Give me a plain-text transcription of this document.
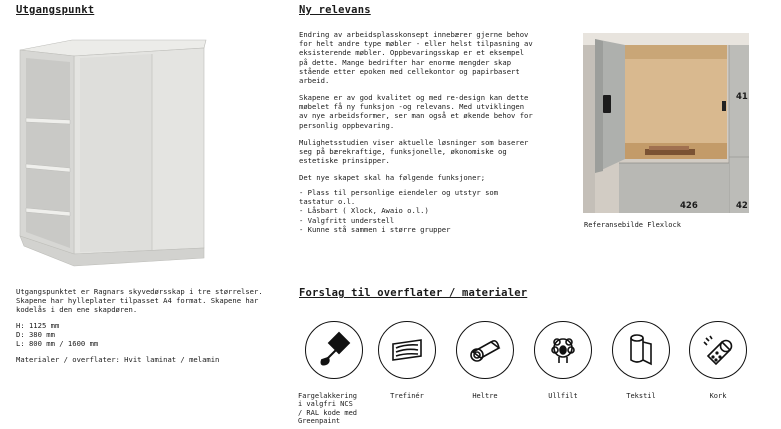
Utgangspunkt
Utgangspunktet er Ragnars skyvedørsskap i tre størrelser.
Skapene har hylleplater tilpasset A4 format. Skapene har
kodelås i den ene skapdøren.
H: 1125 mm
D: 380 mm
L: 800 mm / 1600 mm
Materialer / overflater: Hvit laminat / melamin
Ny relevans
Endring av arbeidsplasskonsept innebærer gjerne behov
for helt andre type møbler - eller helst tilpasning av
eksisterende møbler. Oppbevaringsskap er et eksempel
på dette. Mange bedrifter har enorme mengder skap
stående etter epoken med cellekontor og papirbasert
arbeid.
Skapene er av god kvalitet og med re-design kan dette
møbelet få ny funksjon -og relevans. Med utviklingen
av nye arbeidsformer, ser man også et økende behov for
personlig oppbevaring.
Mulighetsstudien viser aktuelle løsninger som baserer
seg på bærekraftige, funksjonelle, økonomiske og
estetiske prinsipper.
Det nye skapet skal ha følgende funksjoner;
- Plass til personlige eiendeler og utstyr som
tastatur o.l.
- Låsbart ( Xlock, Awaio o.l.)
- Valgfritt understell
- Kunne stå sammen i større grupper
426	42
41
Referansebilde Flexlock
Forslag til overflater / materialer
Fargelakkering
i valgfri NCS
/ RAL kode med
Greenpaint
Trefinér	Heltre	Ullfilt	Tekstil	Kork
